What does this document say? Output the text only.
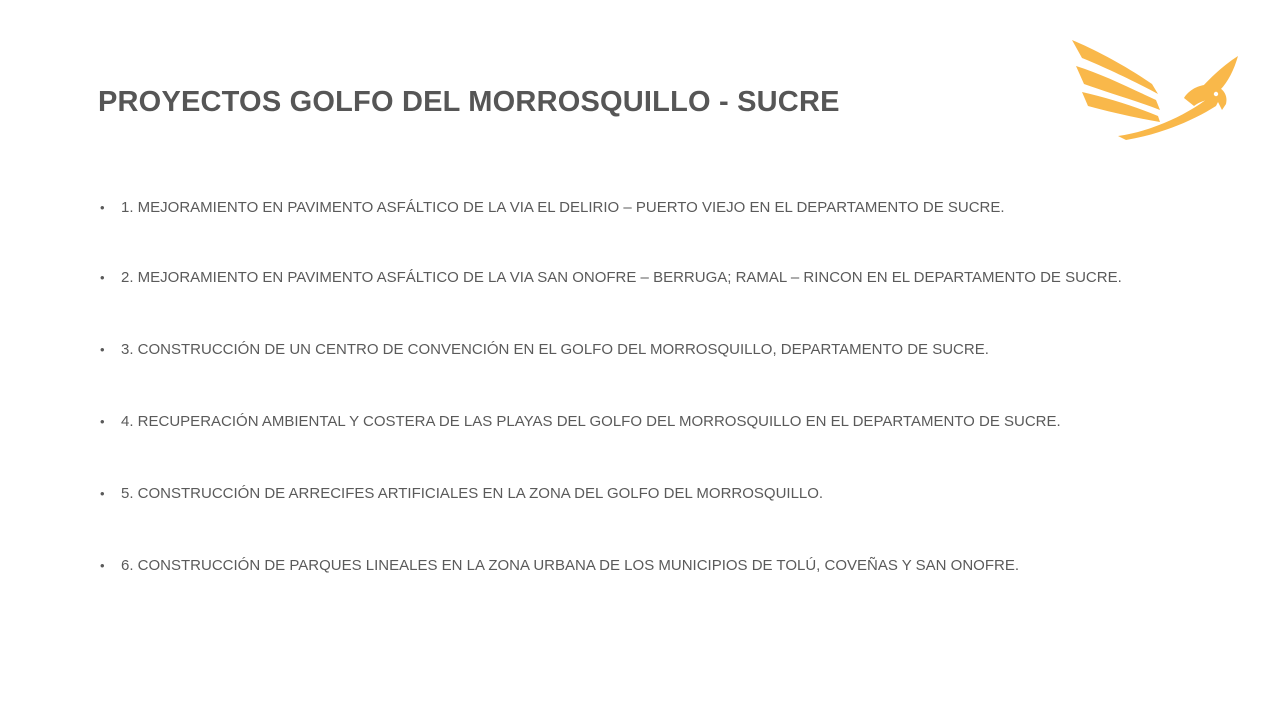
PROYECTOS GOLFO DEL MORROSQUILLO - SUCRE
• 1. MEJORAMIENTO EN PAVIMENTO ASFÁLTICO DE LA VIA EL DELIRIO – PUERTO VIEJO EN EL DEPARTAMENTO DE SUCRE.
• 2. MEJORAMIENTO EN PAVIMENTO ASFÁLTICO DE LA VIA SAN ONOFRE – BERRUGA; RAMAL – RINCON EN EL DEPARTAMENTO DE SUCRE.
• 3. CONSTRUCCIÓN DE UN CENTRO DE CONVENCIÓN EN EL GOLFO DEL MORROSQUILLO, DEPARTAMENTO DE SUCRE.
• 4. RECUPERACIÓN AMBIENTAL Y COSTERA DE LAS PLAYAS DEL GOLFO DEL MORROSQUILLO EN EL DEPARTAMENTO DE SUCRE.
• 5. CONSTRUCCIÓN DE ARRECIFES ARTIFICIALES EN LA ZONA DEL GOLFO DEL MORROSQUILLO.
• 6. CONSTRUCCIÓN DE PARQUES LINEALES EN LA ZONA URBANA DE LOS MUNICIPIOS DE TOLÚ, COVEÑAS Y SAN ONOFRE.
